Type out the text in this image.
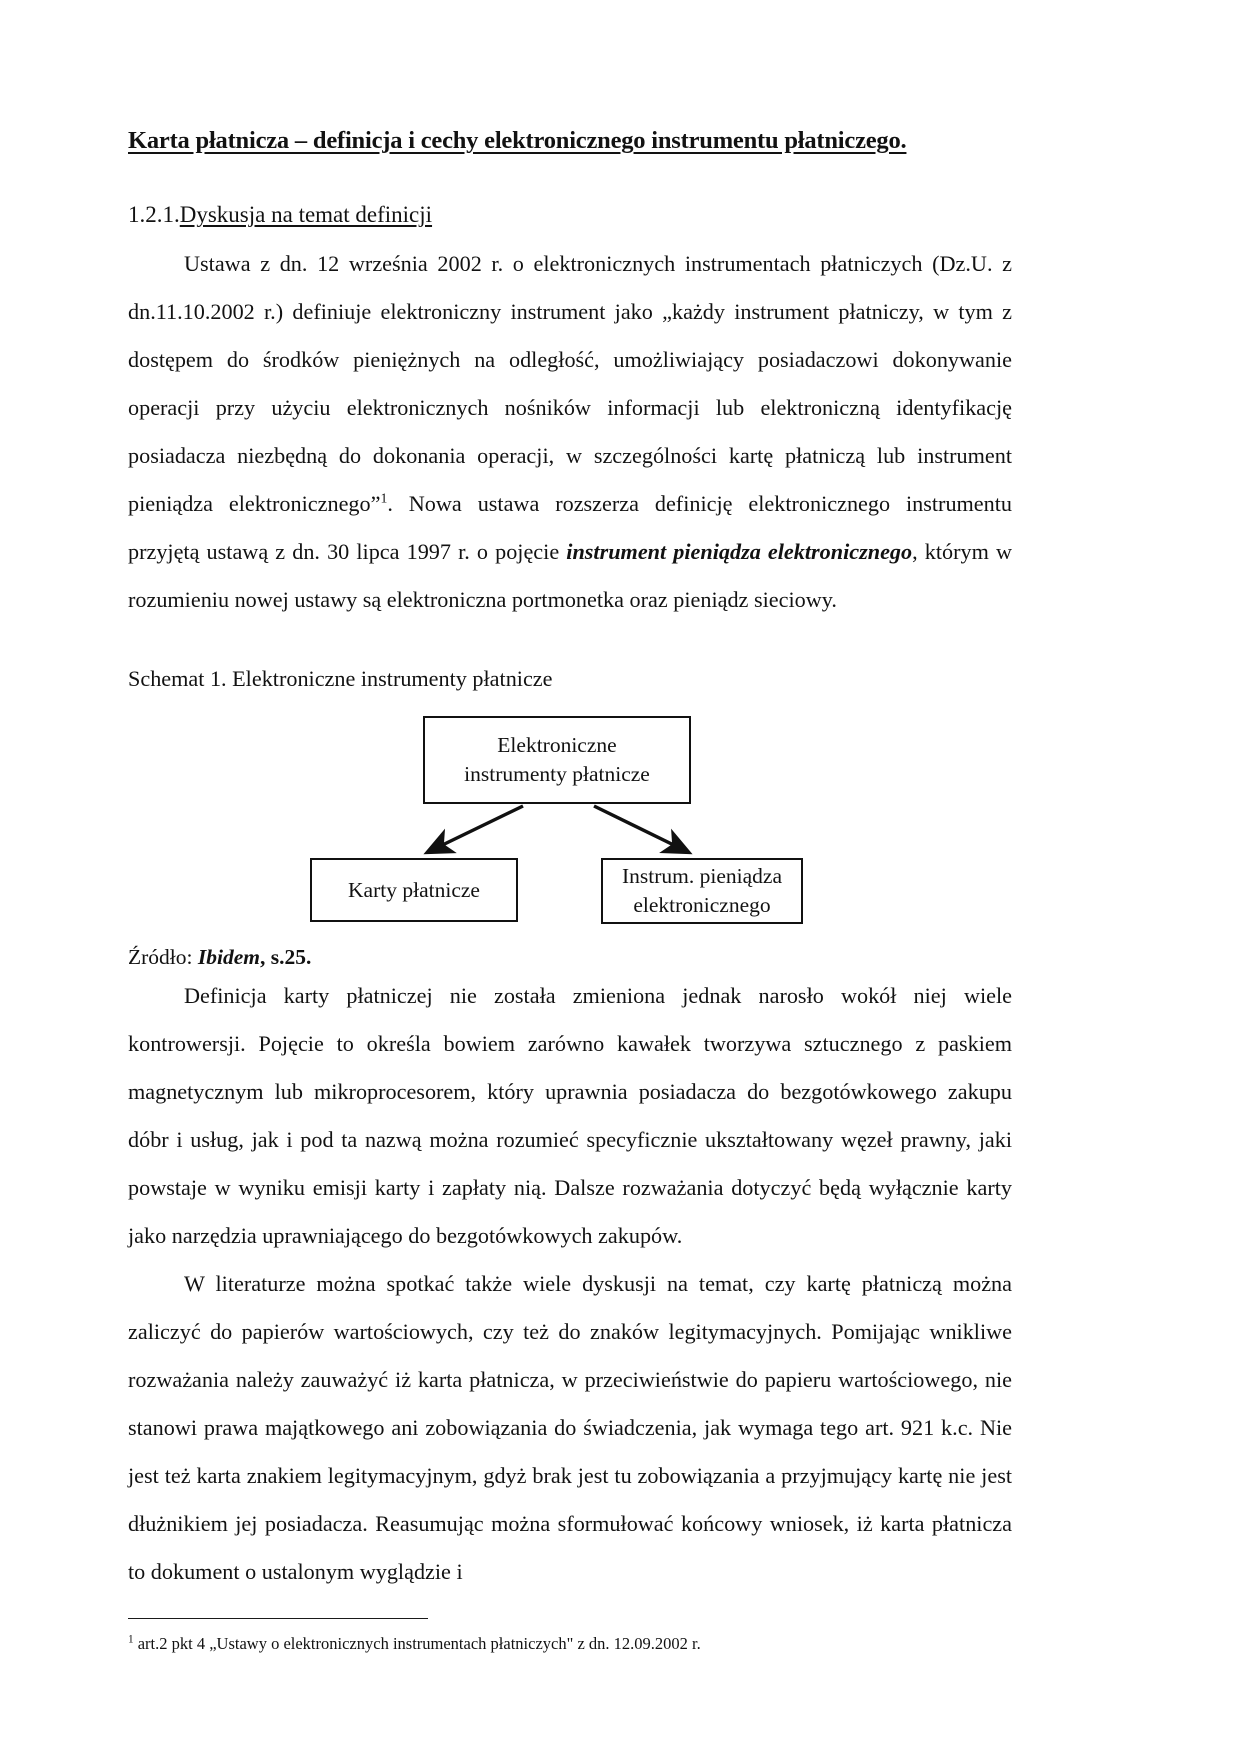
Karta płatnicza – definicja i cechy elektronicznego instrumentu płatniczego.
1.2.1.Dyskusja na temat definicji

Ustawa z dn. 12 września 2002 r. o elektronicznych instrumentach płatniczych (Dz.U. z dn.11.10.2002 r.) definiuje elektroniczny instrument jako „każdy instrument płatniczy, w tym z dostępem do środków pieniężnych na odległość, umożliwiający posiadaczowi dokonywanie operacji przy użyciu elektronicznych nośników informacji lub elektroniczną identyfikację posiadacza niezbędną do dokonania operacji, w szczególności kartę płatniczą lub instrument pieniądza elektronicznego”$^1$. Nowa ustawa rozszerza definicję elektronicznego instrumentu przyjętą ustawą z dn. 30 lipca 1997 r. o pojęcie instrument pieniądza elektronicznego, którym w rozumieniu nowej ustawy są elektroniczna portmonetka oraz pieniądz sieciowy.

Schemat 1. Elektroniczne instrumenty płatnicze

Elektroniczne
instrumenty płatnicze
Karty płatnicze
Instrum. pieniądza
elektronicznego

Źródło: Ibidem, s.25.

Definicja karty płatniczej nie została zmieniona jednak narosło wokół niej wiele kontrowersji. Pojęcie to określa bowiem zarówno kawałek tworzywa sztucznego z paskiem magnetycznym lub mikroprocesorem, który uprawnia posiadacza do bezgotówkowego zakupu dóbr i usług, jak i pod ta nazwą można rozumieć specyficznie ukształtowany węzeł prawny, jaki powstaje w wyniku emisji karty i zapłaty nią. Dalsze rozważania dotyczyć będą wyłącznie karty jako narzędzia uprawniającego do bezgotówkowych zakupów.

W literaturze można spotkać także wiele dyskusji na temat, czy kartę płatniczą można zaliczyć do papierów wartościowych, czy też do znaków legitymacyjnych. Pomijając wnikliwe rozważania należy zauważyć iż karta płatnicza, w przeciwieństwie do papieru wartościowego, nie stanowi prawa majątkowego ani zobowiązania do świadczenia, jak wymaga tego art. 921 k.c. Nie jest też karta znakiem legitymacyjnym, gdyż brak jest tu zobowiązania a przyjmujący kartę nie jest dłużnikiem jej posiadacza. Reasumując można sformułować końcowy wniosek, iż karta płatnicza to dokument o ustalonym wyglądzie i

$^1$ art.2 pkt 4 „Ustawy o elektronicznych instrumentach płatniczych" z dn. 12.09.2002 r.
